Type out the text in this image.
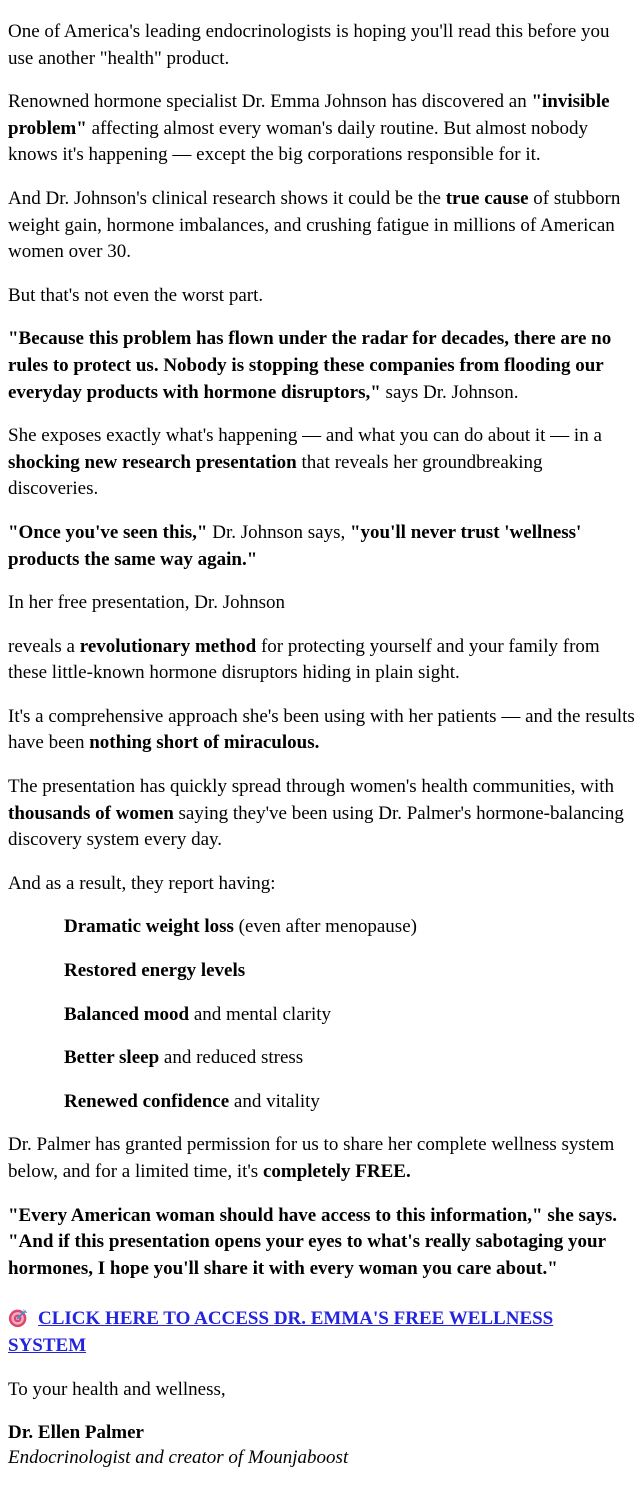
One of America's leading endocrinologists is hoping you'll read this before you use another "health" product.

Renowned hormone specialist Dr. Emma Johnson has discovered an "invisible problem" affecting almost every woman's daily routine. But almost nobody knows it's happening — except the big corporations responsible for it.

And Dr. Johnson's clinical research shows it could be the true cause of stubborn weight gain, hormone imbalances, and crushing fatigue in millions of American women over 30.

But that's not even the worst part.

"Because this problem has flown under the radar for decades, there are no rules to protect us. Nobody is stopping these companies from flooding our everyday products with hormone disruptors," says Dr. Johnson.

She exposes exactly what's happening — and what you can do about it — in a shocking new research presentation that reveals her groundbreaking discoveries.

"Once you've seen this," Dr. Johnson says, "you'll never trust 'wellness' products the same way again."

In her free presentation, Dr. Johnson

reveals a revolutionary method for protecting yourself and your family from these little-known hormone disruptors hiding in plain sight.

It's a comprehensive approach she's been using with her patients — and the results have been nothing short of miraculous.

The presentation has quickly spread through women's health communities, with thousands of women saying they've been using Dr. Palmer's hormone-balancing discovery system every day.

And as a result, they report having:

Dramatic weight loss (even after menopause)

Restored energy levels

Balanced mood and mental clarity

Better sleep and reduced stress

Renewed confidence and vitality

Dr. Palmer has granted permission for us to share her complete wellness system below, and for a limited time, it's completely FREE.

"Every American woman should have access to this information," she says. "And if this presentation opens your eyes to what's really sabotaging your hormones, I hope you'll share it with every woman you care about."

CLICK HERE TO ACCESS DR. EMMA'S FREE WELLNESS SYSTEM

To your health and wellness,

Dr. Ellen Palmer
Endocrinologist and creator of Mounjaboost
